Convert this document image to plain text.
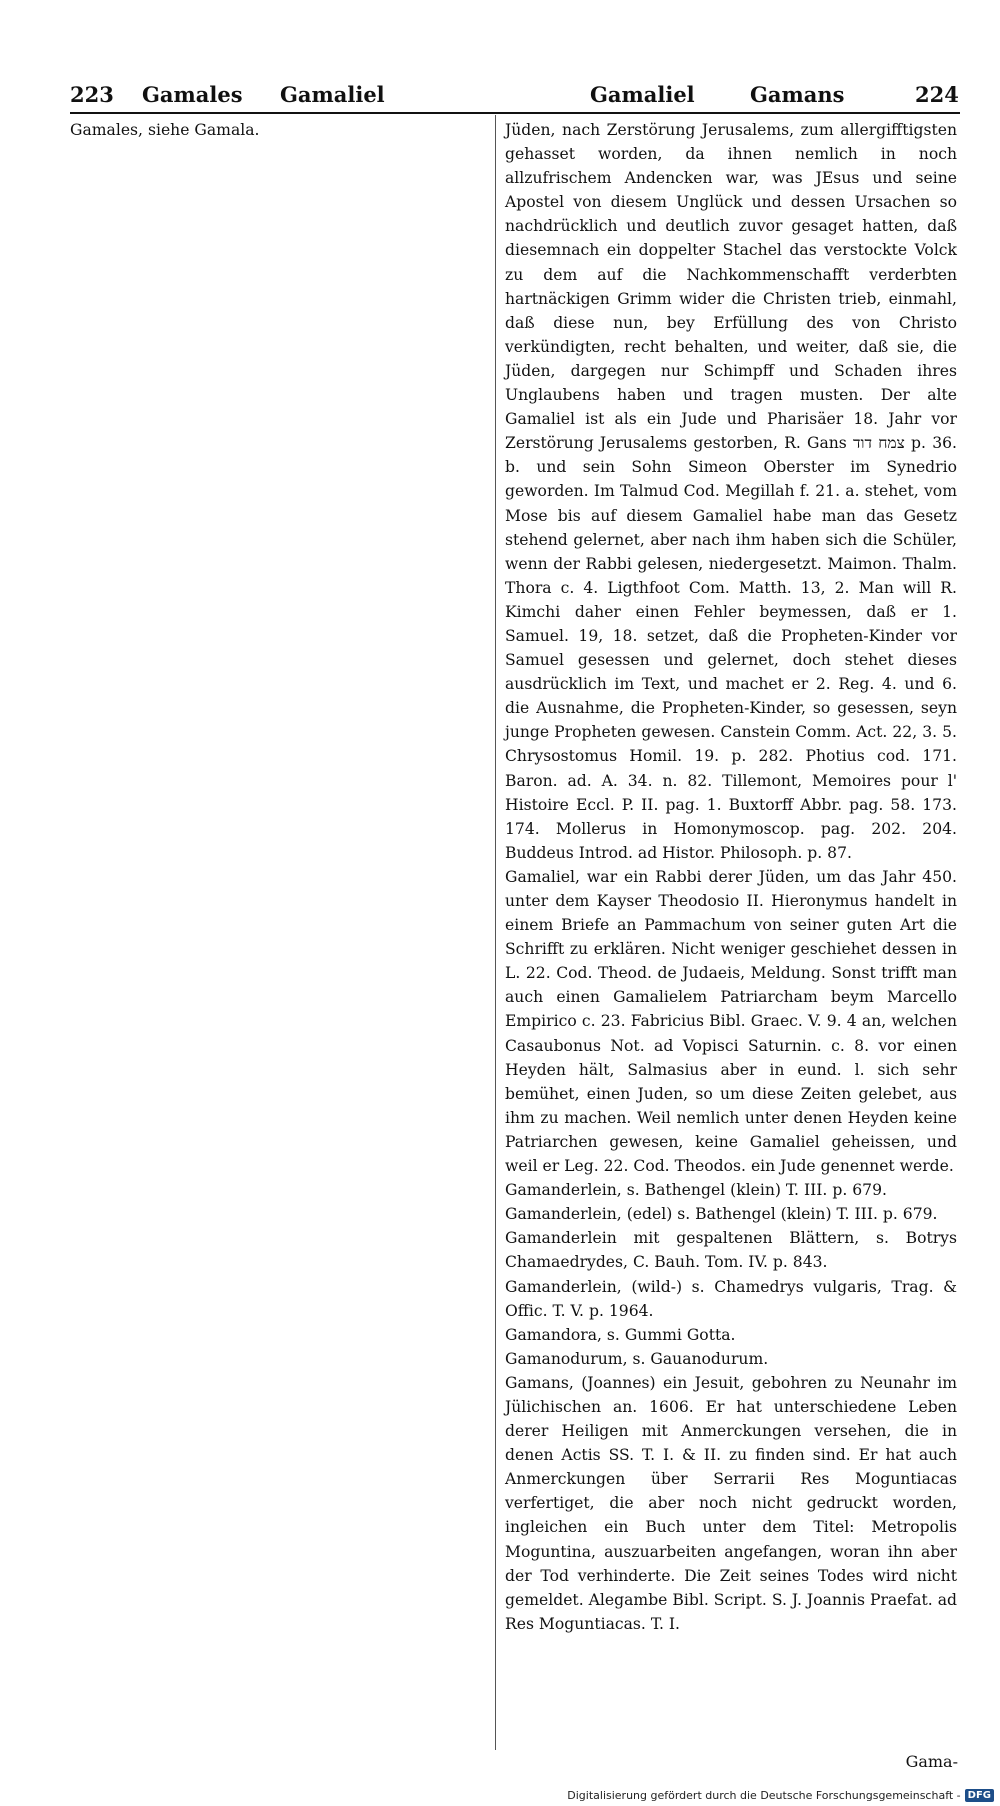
223 Gamales Gamaliel	Gamaliel	Gamans	224

Gamales, siehe Gamala.	Jüden, nach Zerstörung Jerusalems, zum allergifftigsten gehasset worden, da ihnen nemlich in noch allzufrischem Andencken war, was JEsus und seine Apostel von diesem Unglück und dessen Ursachen so nachdrücklich und deutlich zuvor gesaget hatten, daß diesemnach ein doppelter Stachel das verstockte Volck zu dem auf die Nachkommenschafft verderbten hartnäckigen Grimm wider die Christen trieb, einmahl, daß diese nun, bey Erfüllung des von Christo verkündigten, recht behalten, und weiter, daß sie, die Jüden, dargegen nur Schimpff und Schaden ihres Unglaubens haben und tragen musten. Der alte Gamaliel ist als ein Jude und Pharisäer 18. Jahr vor Zerstörung Jerusalems gestorben, R. Gans צמח דוד p. 36. b. und sein Sohn Simeon Oberster im Synedrio geworden. Im Talmud Cod. Megillah f. 21. a. stehet, vom Mose bis auf diesem Gamaliel habe man das Gesetz stehend gelernet, aber nach ihm haben sich die Schüler, wenn der Rabbi gelesen, niedergesetzt. Maimon. Thalm. Thora c. 4. Ligthfoot Com. Matth. 13, 2. Man will R. Kimchi daher einen Fehler beymessen, daß er 1. Samuel. 19, 18. setzet, daß die Propheten-Kinder vor Samuel gesessen und gelernet, doch stehet dieses ausdrücklich im Text, und machet er 2. Reg. 4. und 6. die Ausnahme, die Propheten-Kinder, so gesessen, seyn junge Propheten gewesen. Canstein Comm. Act. 22, 3. 5. Chrysostomus Homil. 19. p. 282. Photius cod. 171. Baron. ad. A. 34. n. 82. Tillemont, Memoires pour l' Histoire Eccl. P. II. pag. 1. Buxtorff Abbr. pag. 58. 173. 174. Mollerus in Homonymoscop. pag. 202. 204. Buddeus Introd. ad Histor. Philosoph. p. 87.

Gamaliel, war ein Rabbi derer Jüden, um das Jahr 450. unter dem Kayser Theodosio II. Hieronymus handelt in einem Briefe an Pammachum von seiner guten Art die Schrifft zu erklären. Nicht weniger geschiehet dessen in L. 22. Cod. Theod. de Judaeis, Meldung. Sonst trifft man auch einen Gamalielem Patriarcham beym Marcello Empirico c. 23. Fabricius Bibl. Graec. V. 9. 4 an, welchen Casaubonus Not. ad Vopisci Saturnin. c. 8. vor einen Heyden hält, Salmasius aber in eund. l. sich sehr bemühet, einen Juden, so um diese Zeiten gelebet, aus ihm zu machen. Weil nemlich unter denen Heyden keine Patriarchen gewesen, keine Gamaliel geheissen, und weil er Leg. 22. Cod. Theodos. ein Jude genennet werde.

Gamanderlein, s. Bathengel (klein) T. III. p. 679.

Gamanderlein, (edel) s. Bathengel (klein) T. III. p. 679.

Gamanderlein mit gespaltenen Blättern, s. Botrys Chamaedrydes, C. Bauh. Tom. IV. p. 843.

Gamanderlein, (wild-) s. Chamedrys vulgaris, Trag. & Offic. T. V. p. 1964.

Gamandora, s. Gummi Gotta.

Gamanodurum, s. Gauanodurum.

Gamans, (Joannes) ein Jesuit, gebohren zu Neunahr im Jülichischen an. 1606. Er hat unterschiedene Leben derer Heiligen mit Anmerckungen versehen, die in denen Actis SS. T. I. & II. zu finden sind. Er hat auch Anmerckungen über Serrarii Res Moguntiacas verfertiget, die aber noch nicht gedruckt worden, ingleichen ein Buch unter dem Titel: Metropolis Moguntina, auszuarbeiten angefangen, woran ihn aber der Tod verhinderte. Die Zeit seines Todes wird nicht gemeldet. Alegambe Bibl. Script. S. J. Joannis Praefat. ad Res Moguntiacas. T. I.

Gama-
Digitalisierung gefördert durch die Deutsche Forschungsgemeinschaft - DFG
